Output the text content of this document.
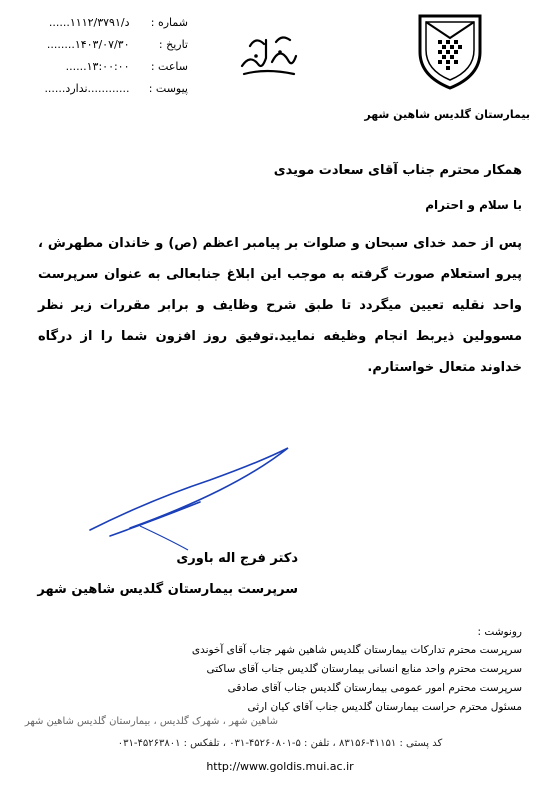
بیمارستان گلدیس شاهین شهر
شماره : ......۱۱۱۲/۳۷۹۱/د
تاریخ : ........۱۴۰۳/۰۷/۳۰
ساعت : ......۱۳:۰۰:۰۰
پیوست : ......ندارد............
همکار محترم جناب آقای سعادت مویدی
با سلام و احترام
پس از حمد خدای سبحان و صلوات بر پیامبر اعظم (ص) و خاندان مطهرش ، پیرو استعلام صورت گرفته به موجب این ابلاغ جنابعالی به عنوان سرپرست واحد نقلیه تعیین میگردد تا طبق شرح وظایف و برابر مقررات زیر نظر مسوولین ذیربط انجام وظیفه نمایید.توفیق روز افزون شما را از درگاه خداوند متعال خواستارم.
دکتر فرج اله باوری
سرپرست بیمارستان گلدیس شاهین شهر
رونوشت :
سرپرست محترم تدارکات بیمارستان گلدیس شاهین شهر جناب آقای آخوندی
سرپرست محترم واحد منابع انسانی بیمارستان گلدیس جناب آقای ساکتی
سرپرست محترم امور عمومی بیمارستان گلدیس جناب آقای صادقی
مسئول محترم حراست بیمارستان گلدیس جناب آقای کیان ارثی
شاهین شهر ، شهرک گلدیس ، بیمارستان گلدیس شاهین شهر
کد پستی : ۴۱۱۵۱-۸۳۱۵۶ ، تلفن : ۵-۴۵۲۶۰۸۰۱-۰۳۱ ، تلفکس : ۴۵۲۶۳۸۰۱-۰۳۱
http://www.goldis.mui.ac.ir
